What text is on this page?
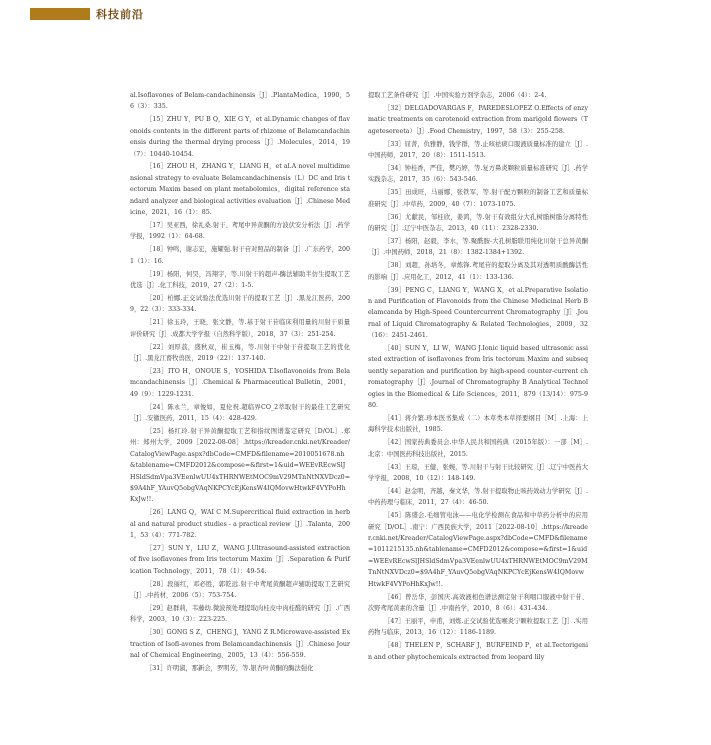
科技前沿

al.Isoflavones of Belam-candachinensis［J］.PlantaMedica，1990，56（3）：335.

［15］ZHU Y，PU B Q，XIE G Y，et al.Dynamic changes of flavonoids contents in the different parts of rhizome of Belamcandachinensis during the thermal drying process［J］.Molecules，2014，19（7）：10440-10454.

［16］ZHOU H，ZHANG Y，LIANG H，et al.A novel multidimensional strategy to evaluate Belamcandachinensis（L）DC and Iris tectorum Maxim based on plant metabolomics，digital reference standard analyzer and biological activities evaluation［J］.Chinese Medicine，2021，16（1）：85.

［17］吴亚西，徐礼桑.射干、鸢尾中异黄酮的方波伏安分析法［J］.药学学报，1992（1）：64-68.

［18］钟鸣，谢志宏，施耀强.射干苷对照品的制备［J］.广东药学，2001（1）：16.

［19］杨阳，何昊，冯翔宇，等.川射干的超声-酶法辅助半仿生提取工艺优选［J］.化工科技，2019，27（2）：1-5.

［20］柏娜.正交试验法优选川射干的提取工艺［J］.黑龙江医药，2009，22（3）：333-334.

［21］徐玉玲，王晓，张文静，等.基于射干苷临床利用量的川射干质量评价研究［J］.成都大学学报（自然科学版），2018，37（3）：251-254.

［22］刘厚荔，盛秋双，崔玉梅，等.川射干中射干苷提取工艺的优化［J］.黑龙江畜牧兽医，2019（22）：137-140.

［23］ITO H，ONOUE S，YOSHIDA T.Isoflavonoids from Belamcandachinensis［J］.Chemical & Pharmaceutical Bulletin，2001，49（9）：1229-1231.

［24］陈永兰，章俊如，夏伦祝.超临界CO_2萃取射干的最佳工艺研究［J］.安徽医药，2011，15（4）：428-429.

［25］杨红玲.射干异黄酮提取工艺和指纹图谱鉴定研究［D/OL］.郑州：郑州大学，2009［2022-08-08］.https://kreader.cnki.net/Kreader/CatalogViewPage.aspx?dbCode=CMFD&filename=2010051678.nh&tablename=CMFD2012&compose=&first=1&uid=WEEvREcwSlJHSldSdmVpa3VEenlwUU4xTHRNWEtMOC9mV29MTnNtNXVDcz0=$9A4hF_YAuvQ5obgVAqNKPCYcEjKensW4IQMovwHtwkF4VYPoHhKxJw!!.

［26］LANG Q，WAI C M.Supercritical fluid extraction in herbal and natural product studies - a practical review［J］.Talanta，2001，53（4）：771-782.

［27］SUN Y，LIU Z，WANG J.Ultrasound-assisted extraction of five isoflavones from Iris tectorum Maxim［J］.Separation & Purification Technology，2011，78（1）：49-54.

［28］段丽红，邓必胜，郭乾远.射干中鸢尾黄酮超声辅助提取工艺研究［J］.中药材，2006（5）：753-754.

［29］赵群莉，韦藤幼.微波预处理提取肉桂皮中肉桂醛的研究［J］.广西科学，2003，10（3）：223-225.

［30］GONG S Z，CHENG J，YANG Z R.Microwave-assisted Extraction of Isofl-avones from Belamcandachinensis［J］.Chinese Journal of Chemical Engineering，2005，13（4）：556-559.

［31］许明淑，那新会，罗明芳，等.银杏叶黄酮的酶法强化

提取工艺条件研究［J］.中国实验方剂学杂志，2006（4）：2-4.

［32］DELGADOVARGAS F，PAREDESLOPEZ O.Effects of enzymatic treatments on carotenoid extraction from marigold flowers（Tagetesereeta）［J］.Food Chemistry，1997，58（3）：255-258.

［33］屈菁，仇雅静，钱学群，等.止咳祛痰口服液质量标准的建立［J］.中国药师，2017，20（8）：1511-1513.

［34］钟桂香，严佳，樊巧婷，等.复方鼻炎颗粒质量标准研究［J］.药学实践杂志，2017，35（6）：543-546.

［35］田成旺，马丽娜，张铁军，等.射干配方颗粒的制备工艺和质量标准研究［J］.中草药，2009，40（7）：1073-1075.

［36］尤献民，邹桂欣，姜鸿，等.射干有效组分大孔树脂树脂分离特性的研究［J］.辽宁中医杂志，2013，40（11）：2328-2330.

［37］杨阳，赵毅，李水，等.聚酰胺-大孔树脂联用纯化川射干总异黄酮［J］.中国药师，2018，21（8）：1382-1384+1392.

［38］刘超，孙培冬，章炼锋.鸢尾苷的提取分离及其对透明质酸酶活性的影响［J］.应用化工，2012，41（1）：133-136.

［39］PENG C，LIANG Y，WANG X，et al.Preparative Isolation and Purification of Flavonoids from the Chinese Medicinal Herb Belamcanda by High-Speed Countercurrent Chromatography［J］.Journal of Liquid Chromatography & Related Technologies，2009，32（16）：2451-2461.

［40］SUN Y，LI W，WANG J.Ionic liquid based ultrasonic assisted extraction of isoflavones from Iris tectorum Maxim and subsequently separation and purification by high-speed counter-current chromatography［J］.Journal of Chromatography B Analytical Technologies in the Biomedical & Life Sciences，2011，879（13/14）：975-980.

［41］蒋介繁.珍本医书集成（二）本草类本草择要纲目［M］.上海：上海科学技术出版社，1985.

［42］国家药典委员会.中华人民共和国药典（2015年版）：一部［M］.北京：中国医药科技出版社，2015.

［43］王琼，王健，张婉，等.川射干与射干比较研究［J］.辽宁中医药大学学报，2008，10（12）：148-149.

［44］赵金明，齐越，秦文华，等.射干提取物止咳药效动力学研究［J］.中药药理与临床，2011，27（4）：46-50.

［45］陈盛会.毛细管电泳——电化学检测在食品和中草药分析中的应用研究［D/OL］.南宁：广西民族大学，2011［2022-08-10］.https://kreader.cnki.net/Kreader/CatalogViewPage.aspx?dbCode=CMFD&filename=1011215135.nh&tablename=CMFD2012&compose=&first=1&uid=WEEvREcwSlJHSldSdmVpa3VEenlwUU4xTHRNWEtMOC9mV29MTnNtNXVDcz0=$9A4hF_YAuvQ5obgVAqNKPCYcEjKensW4IQMovwHtwkF4VYPoHhKxJw!!.

［46］曾岳华，彭国庆.高效液相色谱法测定射干利咽口服液中射干苷、次野鸢尾黄素的含量［J］.中南药学，2010，8（6）：431-434.

［47］王丽平，申甫，刘炼.正交试验优选喉炎宁颗粒提取工艺［J］.实用药物与临床，2013，16（12）：1186-1189.

［48］THELEN P，SCHARF J，BURFEIND P，et al.Tectorigenin and other phytochemicals extracted from leopard lily
